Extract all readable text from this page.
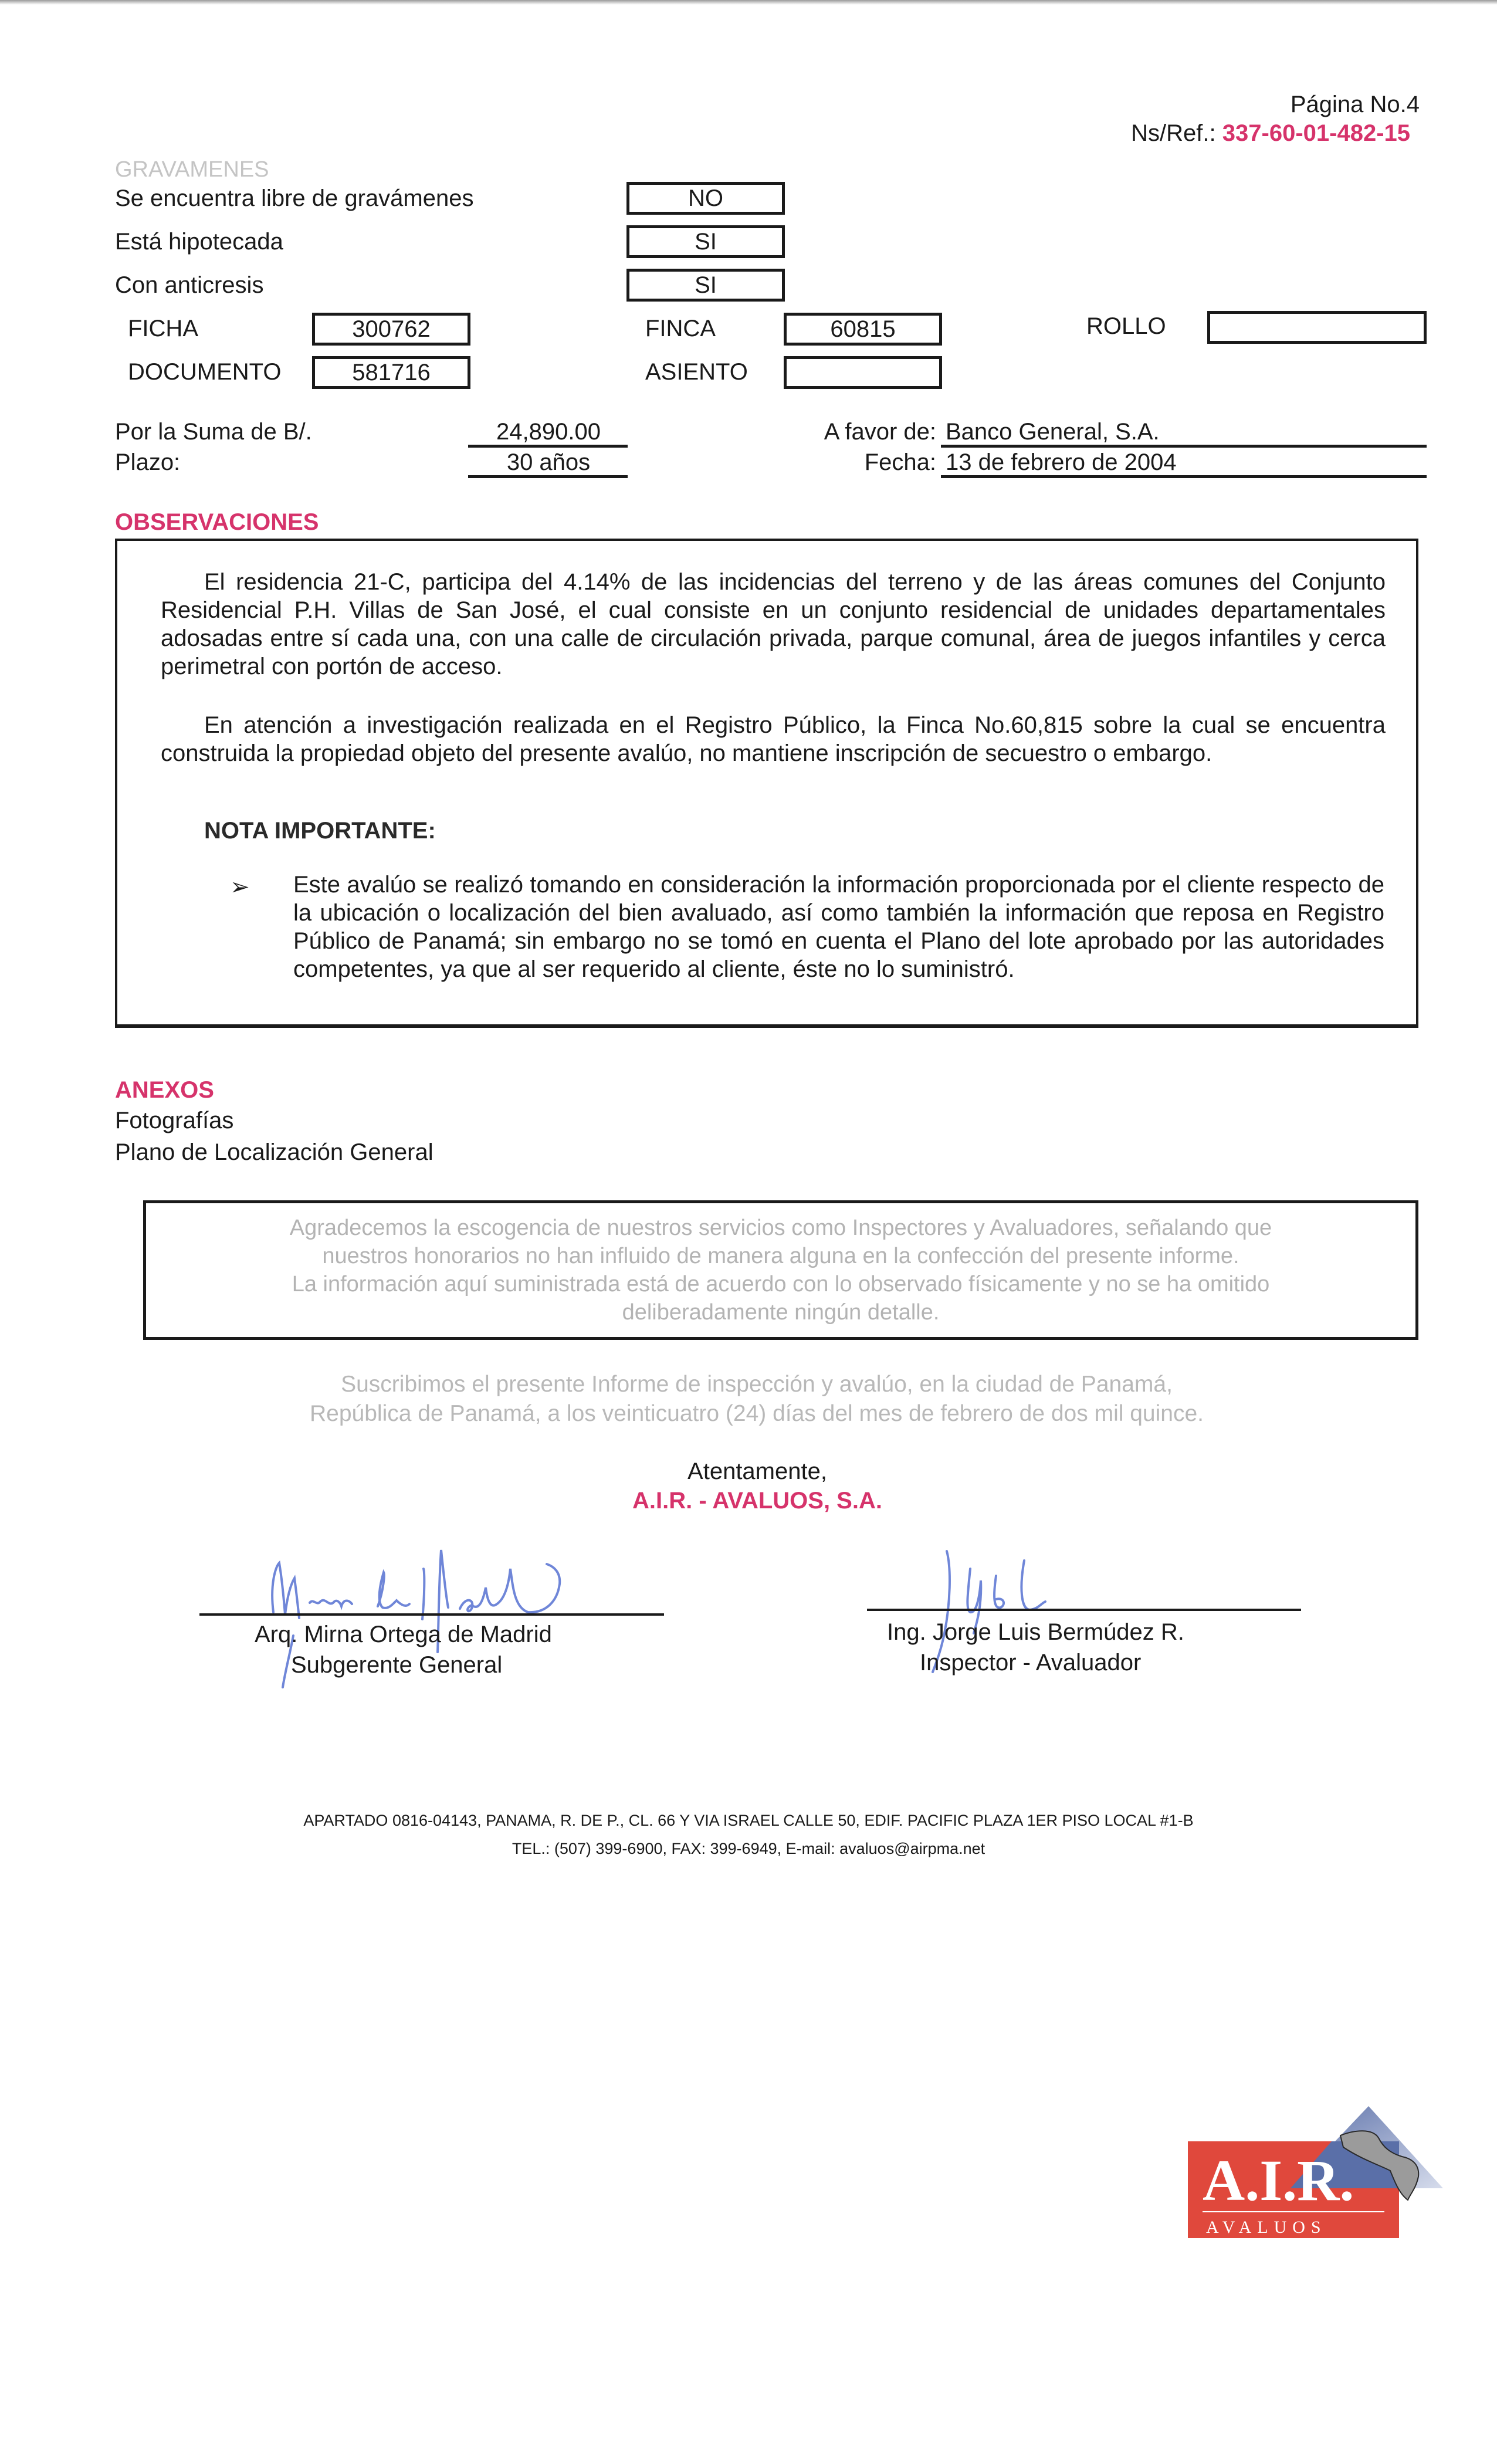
Página No.4
Ns/Ref.: 337-60-01-482-15
GRAVAMENES
Se encuentra libre de gravámenes	NO
Está hipotecada	SI
Con anticresis	SI
FICHA	300762
DOCUMENTO	581716
FINCA	60815
ASIENTO
ROLLO
Por la Suma de B/.	24,890.00
Plazo:	30 años
A favor de: Banco General, S.A.
Fecha: 13 de febrero de 2004
OBSERVACIONES
El residencia 21-C, participa del 4.14% de las incidencias del terreno y de las áreas comunes del Conjunto Residencial P.H. Villas de San José, el cual consiste en un conjunto residencial de unidades departamentales adosadas entre sí cada una, con una calle de circulación privada, parque comunal, área de juegos infantiles y cerca perimetral con portón de acceso.
En atención a investigación realizada en el Registro Público, la Finca No.60,815 sobre la cual se encuentra construida la propiedad objeto del presente avalúo, no mantiene inscripción de secuestro o embargo.
NOTA IMPORTANTE:
➢ Este avalúo se realizó tomando en consideración la información proporcionada por el cliente respecto de la ubicación o localización del bien avaluado, así como también la información que reposa en Registro Público de Panamá; sin embargo no se tomó en cuenta el Plano del lote aprobado por las autoridades competentes, ya que al ser requerido al cliente, éste no lo suministró.
ANEXOS
Fotografías
Plano de Localización General
Agradecemos la escogencia de nuestros servicios como Inspectores y Avaluadores, señalando que
nuestros honorarios no han influido de manera alguna en la confección del presente informe.
La información aquí suministrada está de acuerdo con lo observado físicamente y no se ha omitido
deliberadamente ningún detalle.
Suscribimos el presente Informe de inspección y avalúo, en la ciudad de Panamá,
República de Panamá, a los veinticuatro (24) días del mes de febrero de dos mil quince.
Atentamente,
A.I.R. - AVALUOS, S.A.
Arq. Mirna Ortega de Madrid
Subgerente General
Ing. Jorge Luis Bermúdez R.
Inspector - Avaluador
APARTADO 0816-04143, PANAMA, R. DE P., CL. 66 Y VIA ISRAEL CALLE 50, EDIF. PACIFIC PLAZA 1ER PISO LOCAL #1-B
TEL.: (507) 399-6900, FAX: 399-6949, E-mail: avaluos@airpma.net
A.I.R.
AVALUOS
